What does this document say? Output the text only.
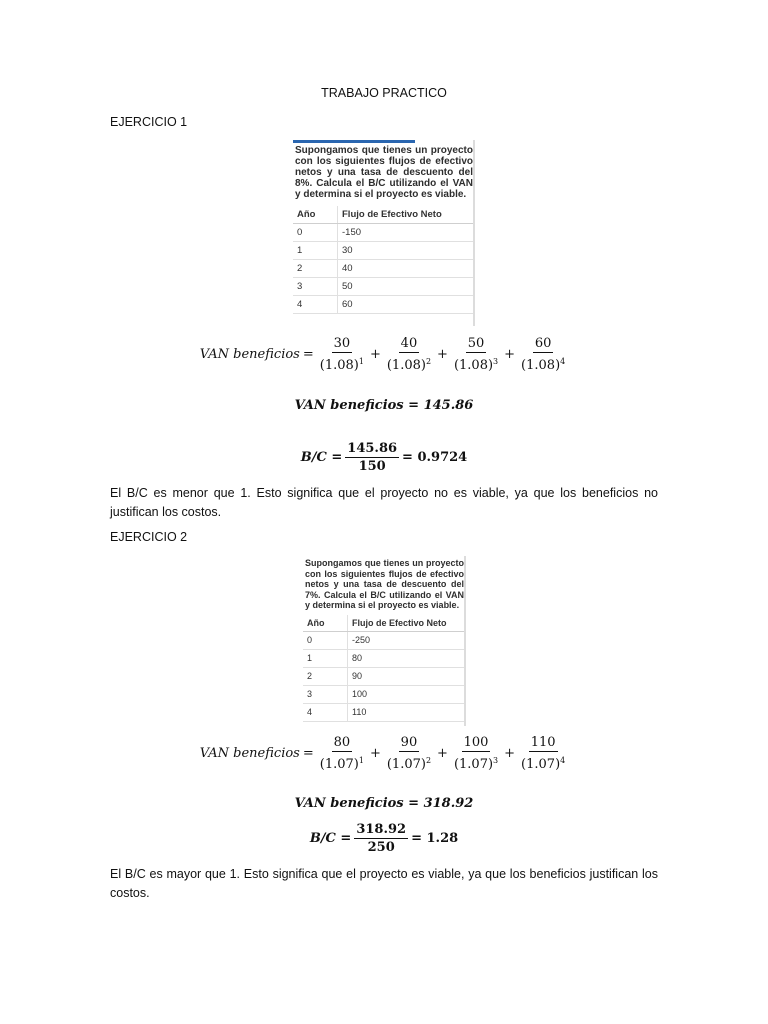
TRABAJO PRACTICO
EJERCICIO 1
Supongamos que tienes un proyecto con los siguientes flujos de efectivo netos y una tasa de descuento del 8%. Calcula el B/C utilizando el VAN y determina si el proyecto es viable.
Año	Flujo de Efectivo Neto
0	-150
1	30
2	40
3	50
4	60
VAN beneficios = $\frac{30}{(1.08)^1} + \frac{40}{(1.08)^2} + \frac{50}{(1.08)^3} + \frac{60}{(1.08)^4}$
VAN beneficios = 145.86
$B/C = \frac{145.86}{150} = 0.9724$
El B/C es menor que 1. Esto significa que el proyecto no es viable, ya que los beneficios no justifican los costos.
EJERCICIO 2
Supongamos que tienes un proyecto con los siguientes flujos de efectivo netos y una tasa de descuento del 7%. Calcula el B/C utilizando el VAN y determina si el proyecto es viable.
Año	Flujo de Efectivo Neto
0	-250
1	80
2	90
3	100
4	110
VAN beneficios = $\frac{80}{(1.07)^1} + \frac{90}{(1.07)^2} + \frac{100}{(1.07)^3} + \frac{110}{(1.07)^4}$
VAN beneficios = 318.92
$B/C = \frac{318.92}{250} = 1.28$
El B/C es mayor que 1. Esto significa que el proyecto es viable, ya que los beneficios justifican los costos.
